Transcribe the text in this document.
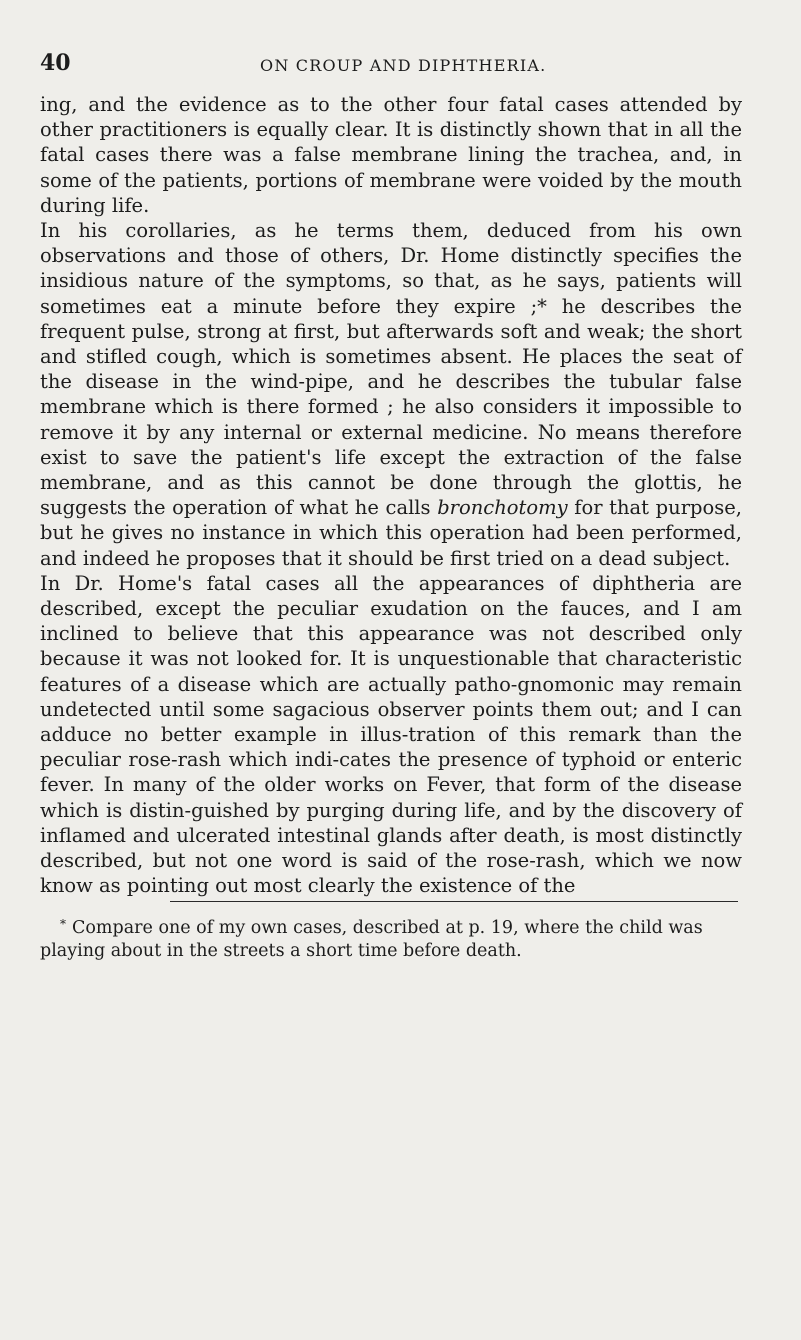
40	ON CROUP AND DIPHTHERIA.

ing, and the evidence as to the other four fatal cases attended by other practitioners is equally clear. It is distinctly shown that in all the fatal cases there was a false membrane lining the trachea, and, in some of the patients, portions of membrane were voided by the mouth during life.

In his corollaries, as he terms them, deduced from his own observations and those of others, Dr. Home distinctly specifies the insidious nature of the symptoms, so that, as he says, patients will sometimes eat a minute before they expire ;* he describes the frequent pulse, strong at first, but afterwards soft and weak; the short and stifled cough, which is sometimes absent. He places the seat of the disease in the wind-pipe, and he describes the tubular false membrane which is there formed ; he also considers it impossible to remove it by any internal or external medicine. No means therefore exist to save the patient's life except the extraction of the false membrane, and as this cannot be done through the glottis, he suggests the operation of what he calls bronchotomy for that purpose, but he gives no instance in which this operation had been performed, and indeed he proposes that it should be first tried on a dead subject.

In Dr. Home's fatal cases all the appearances of diphtheria are described, except the peculiar exudation on the fauces, and I am inclined to believe that this appearance was not described only because it was not looked for. It is unquestionable that characteristic features of a disease which are actually patho-gnomonic may remain undetected until some sagacious observer points them out; and I can adduce no better example in illus-tration of this remark than the peculiar rose-rash which indi-cates the presence of typhoid or enteric fever. In many of the older works on Fever, that form of the disease which is distin-guished by purging during life, and by the discovery of inflamed and ulcerated intestinal glands after death, is most distinctly described, but not one word is said of the rose-rash, which we now know as pointing out most clearly the existence of the

* Compare one of my own cases, described at p. 19, where the child was playing about in the streets a short time before death.
